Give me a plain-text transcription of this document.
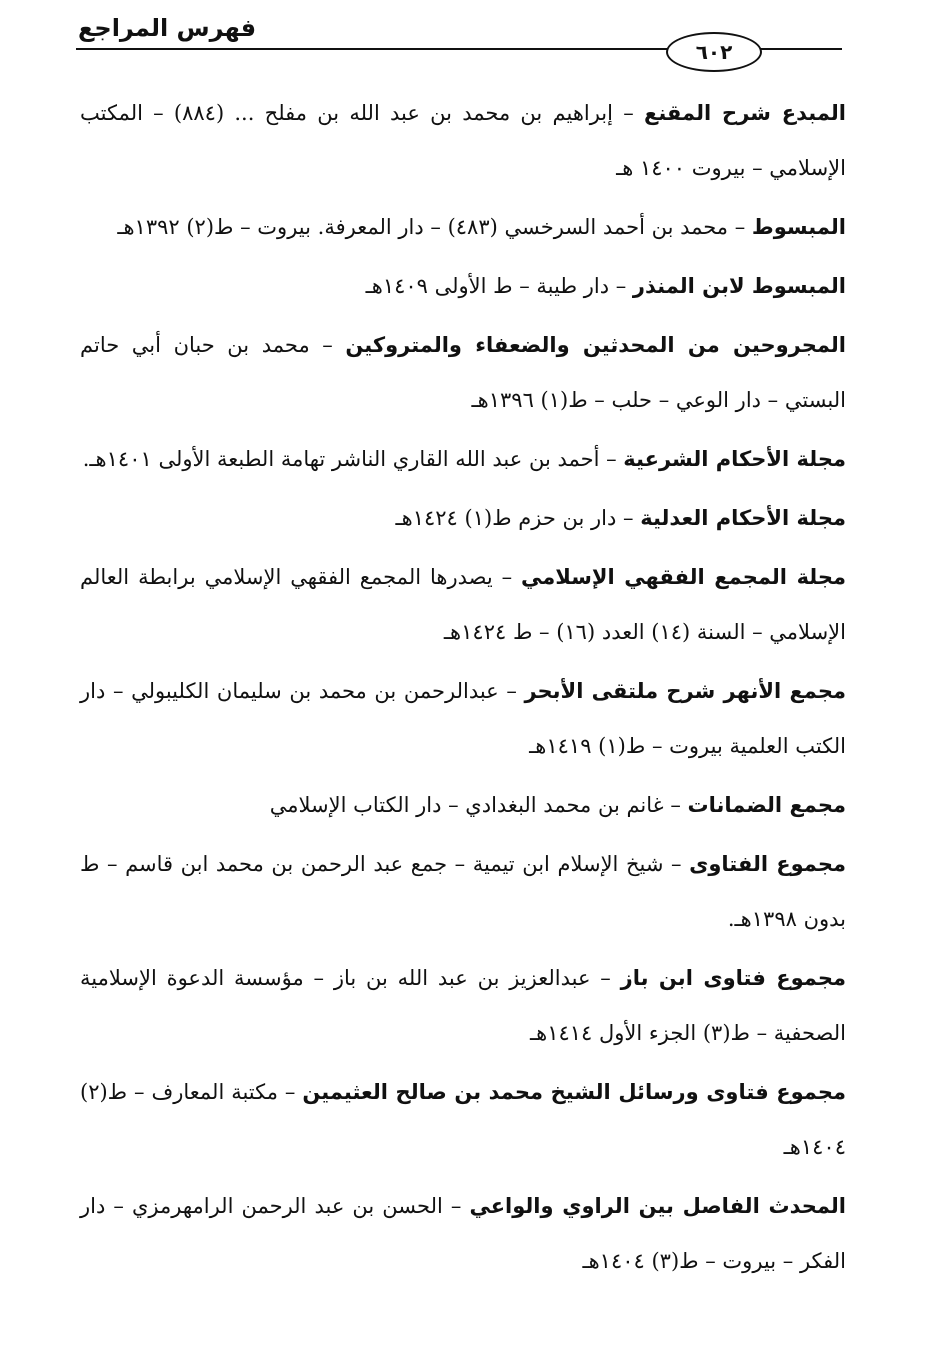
فهرس المراجع
٦٠٢

المبدع شرح المقنع – إبراهيم بن محمد بن عبد الله بن مفلح ... (٨٨٤) – المكتب الإسلامي – بيروت ١٤٠٠ هـ

المبسوط – محمد بن أحمد السرخسي (٤٨٣) – دار المعرفة. بيروت – ط(٢) ١٣٩٢هـ

المبسوط لابن المنذر – دار طيبة – ط الأولى ١٤٠٩هـ

المجروحين من المحدثين والضعفاء والمتروكين – محمد بن حبان أبي حاتم البستي – دار الوعي – حلب – ط(١) ١٣٩٦هـ

مجلة الأحكام الشرعية – أحمد بن عبد الله القاري الناشر تهامة الطبعة الأولى ١٤٠١هـ.

مجلة الأحكام العدلية – دار بن حزم ط(١) ١٤٢٤هـ

مجلة المجمع الفقهي الإسلامي – يصدرها المجمع الفقهي الإسلامي برابطة العالم الإسلامي – السنة (١٤) العدد (١٦) – ط ١٤٢٤هـ

مجمع الأنهر شرح ملتقى الأبحر – عبدالرحمن بن محمد بن سليمان الكليبولي – دار الكتب العلمية بيروت – ط(١) ١٤١٩هـ

مجمع الضمانات – غانم بن محمد البغدادي – دار الكتاب الإسلامي

مجموع الفتاوى – شيخ الإسلام ابن تيمية – جمع عبد الرحمن بن محمد ابن قاسم – ط بدون ١٣٩٨هـ.

مجموع فتاوى ابن باز – عبدالعزيز بن عبد الله بن باز – مؤسسة الدعوة الإسلامية الصحفية – ط(٣) الجزء الأول ١٤١٤هـ

مجموع فتاوى ورسائل الشيخ محمد بن صالح العثيمين – مكتبة المعارف – ط(٢) ١٤٠٤هـ

المحدث الفاصل بين الراوي والواعي – الحسن بن عبد الرحمن الرامهرمزي – دار الفكر – بيروت – ط(٣) ١٤٠٤هـ
